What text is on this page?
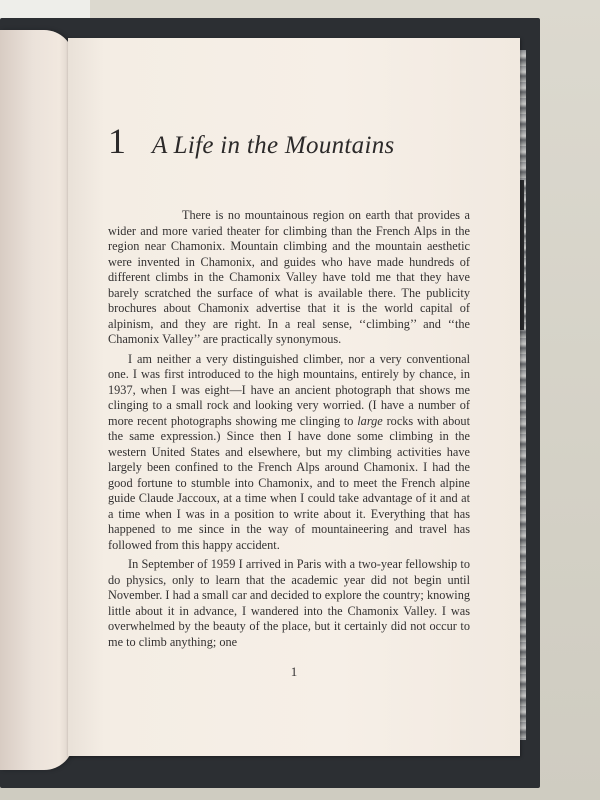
1 A Life in the Mountains

There is no mountainous region on earth that provides a wider and more varied theater for climbing than the French Alps in the region near Chamonix. Mountain climbing and the mountain aesthetic were invented in Chamonix, and guides who have made hundreds of different climbs in the Chamonix Valley have told me that they have barely scratched the surface of what is available there. The publicity brochures about Chamonix advertise that it is the world capital of alpinism, and they are right. In a real sense, ‘‘climbing’’ and ‘‘the Chamonix Valley’’ are practically synonymous.

I am neither a very distinguished climber, nor a very conventional one. I was first introduced to the high mountains, entirely by chance, in 1937, when I was eight—I have an ancient photograph that shows me clinging to a small rock and looking very worried. (I have a number of more recent photographs showing me clinging to large rocks with about the same expression.) Since then I have done some climbing in the western United States and elsewhere, but my climbing activities have largely been confined to the French Alps around Chamonix. I had the good fortune to stumble into Chamonix, and to meet the French alpine guide Claude Jaccoux, at a time when I could take advantage of it and at a time when I was in a position to write about it. Everything that has happened to me since in the way of mountaineering and travel has followed from this happy accident.

In September of 1959 I arrived in Paris with a two-year fellowship to do physics, only to learn that the academic year did not begin until November. I had a small car and decided to explore the country; knowing little about it in advance, I wandered into the Chamonix Valley. I was overwhelmed by the beauty of the place, but it certainly did not occur to me to climb anything; one

1
